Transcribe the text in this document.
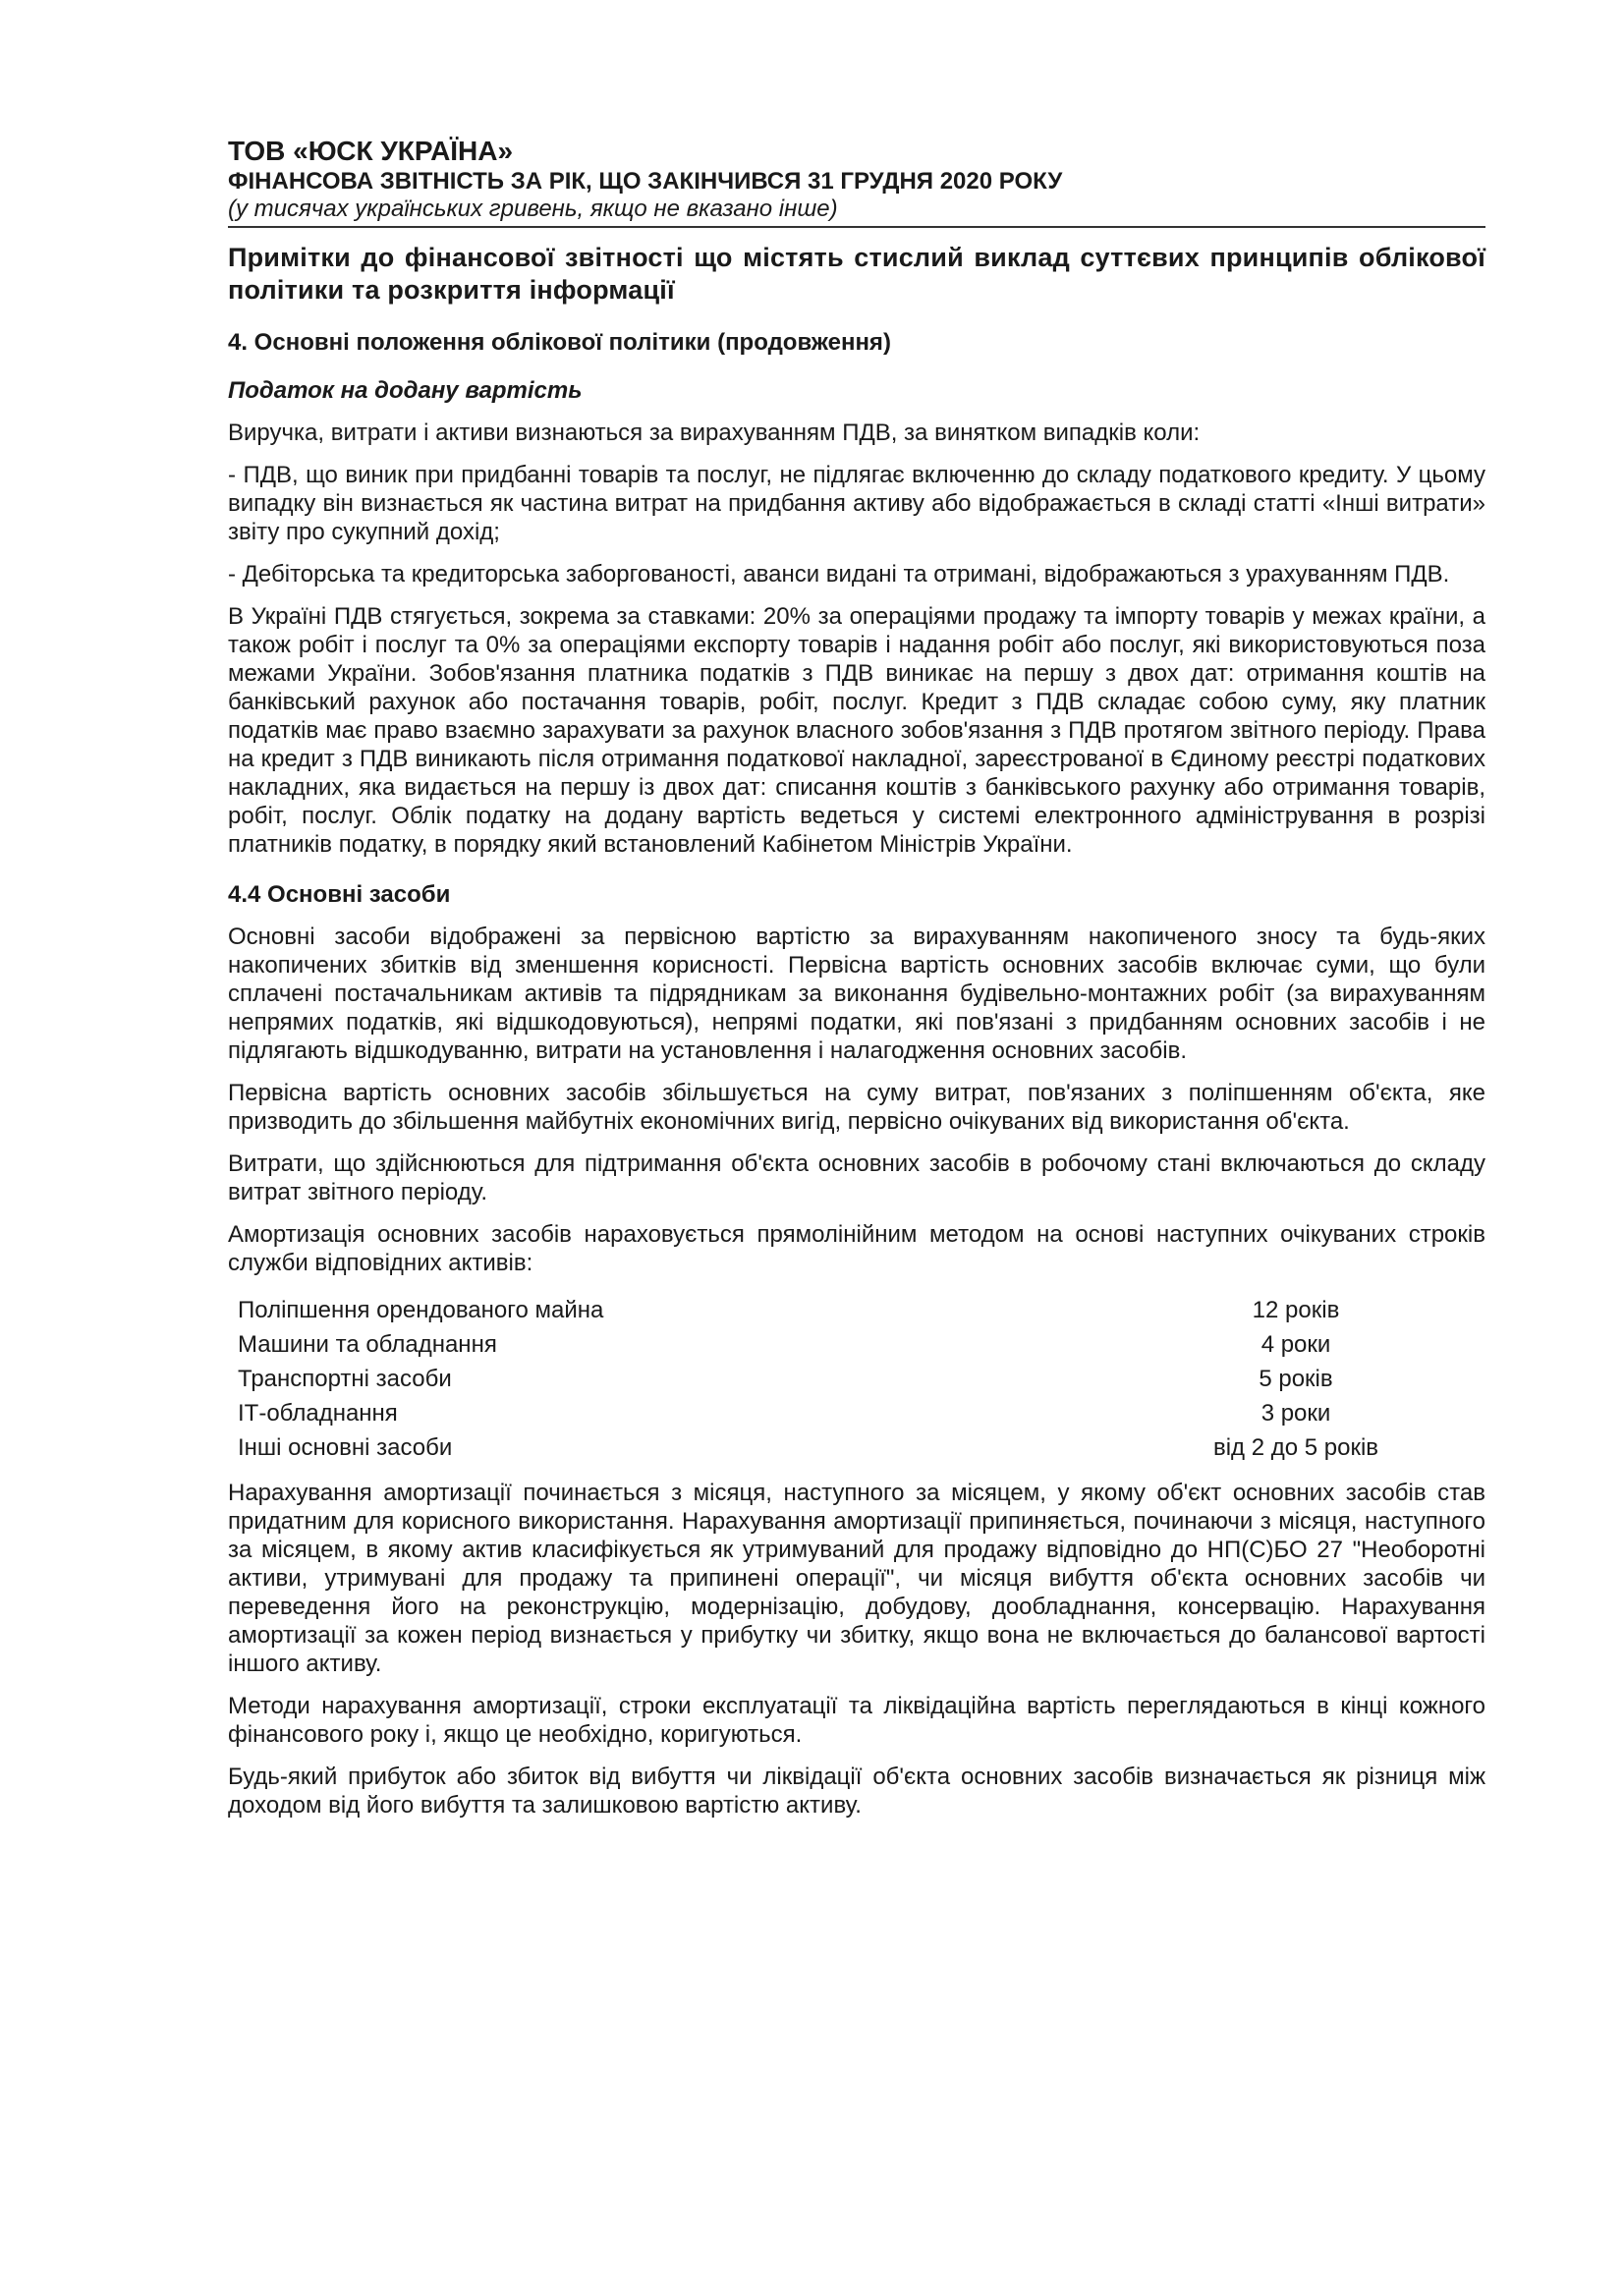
ТОВ «ЮСК УКРАЇНА»

ФІНАНСОВА ЗВІТНІСТЬ ЗА РІК, ЩО ЗАКІНЧИВСЯ 31 ГРУДНЯ 2020 РОКУ

(у тисячах українських гривень, якщо не вказано інше)

Примітки до фінансової звітності що містять стислий виклад суттєвих принципів облікової політики та розкриття інформації

4. Основні положення облікової політики (продовження)

Податок на додану вартість

Виручка, витрати і активи визнаються за вирахуванням ПДВ, за винятком випадків коли:

- ПДВ, що виник при придбанні товарів та послуг, не підлягає включенню до складу податкового кредиту. У цьому випадку він визнається як частина витрат на придбання активу або відображається в складі статті «Інші витрати» звіту про сукупний дохід;

- Дебіторська та кредиторська заборгованості, аванси видані та отримані, відображаються з урахуванням ПДВ.

В Україні ПДВ стягується, зокрема за ставками: 20% за операціями продажу та імпорту товарів у межах країни, а також робіт і послуг та 0% за операціями експорту товарів і надання робіт або послуг, які використовуються поза межами України. Зобов'язання платника податків з ПДВ виникає на першу з двох дат: отримання коштів на банківський рахунок або постачання товарів, робіт, послуг. Кредит з ПДВ складає собою суму, яку платник податків має право взаємно зарахувати за рахунок власного зобов'язання з ПДВ протягом звітного періоду. Права на кредит з ПДВ виникають після отримання податкової накладної, зареєстрованої в Єдиному реєстрі податкових накладних, яка видається на першу із двох дат: списання коштів з банківського рахунку або отримання товарів, робіт, послуг. Облік податку на додану вартість ведеться у системі електронного адміністрування в розрізі платників податку, в порядку який встановлений Кабінетом Міністрів України.

4.4 Основні засоби

Основні засоби відображені за первісною вартістю за вирахуванням накопиченого зносу та будь-яких накопичених збитків від зменшення корисності. Первісна вартість основних засобів включає суми, що були сплачені постачальникам активів та підрядникам за виконання будівельно-монтажних робіт (за вирахуванням непрямих податків, які відшкодовуються), непрямі податки, які пов'язані з придбанням основних засобів і не підлягають відшкодуванню, витрати на установлення і налагодження основних засобів.

Первісна вартість основних засобів збільшується на суму витрат, пов'язаних з поліпшенням об'єкта, яке призводить до збільшення майбутніх економічних вигід, первісно очікуваних від використання об'єкта.

Витрати, що здійснюються для підтримання об'єкта основних засобів в робочому стані включаються до складу витрат звітного періоду.

Амортизація основних засобів нараховується прямолінійним методом на основі наступних очікуваних строків служби відповідних активів:

Поліпшення орендованого майна	12 років
Машини та обладнання	4 роки
Транспортні засоби	5 років
ІТ-обладнання	3 роки
Інші основні засоби	від 2 до 5 років

Нарахування амортизації починається з місяця, наступного за місяцем, у якому об'єкт основних засобів став придатним для корисного використання. Нарахування амортизації припиняється, починаючи з місяця, наступного за місяцем, в якому актив класифікується як утримуваний для продажу відповідно до НП(С)БО 27 "Необоротні активи, утримувані для продажу та припинені операції", чи місяця вибуття об'єкта основних засобів чи переведення його на реконструкцію, модернізацію, добудову, дообладнання, консервацію. Нарахування амортизації за кожен період визнається у прибутку чи збитку, якщо вона не включається до балансової вартості іншого активу.

Методи нарахування амортизації, строки експлуатації та ліквідаційна вартість переглядаються в кінці кожного фінансового року і, якщо це необхідно, коригуються.

Будь-який прибуток або збиток від вибуття чи ліквідації об'єкта основних засобів визначається як різниця між доходом від його вибуття та залишковою вартістю активу.
